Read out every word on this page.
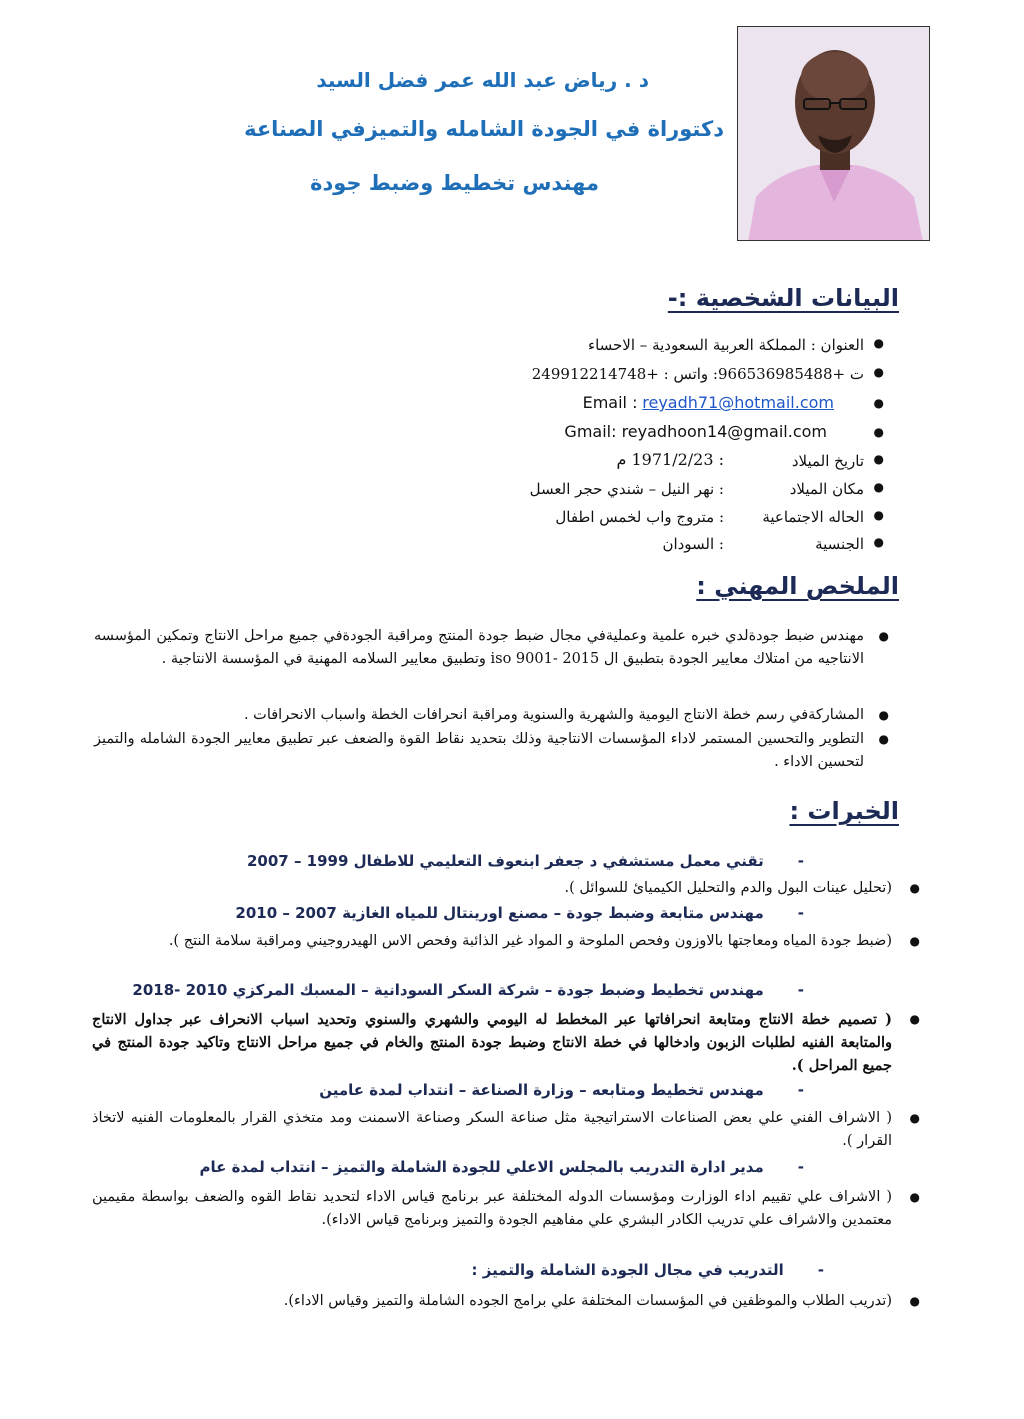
د . رياض عبد الله عمر فضل السيد
دكتوراة في الجودة الشامله والتميزفي الصناعة
مهندس تخطيط وضبط جودة
البيانات الشخصية :-
●
العنوان : المملكة العربية السعودية – الاحساء
●
ت +966536985488: واتس : +249912214748
Email : reyadh71@hotmail.com	●
Gmail: reyadhoon14@gmail.com	●
●
تاريخ الميلاد
: 1971/2/23 م
●
مكان الميلاد
: نهر النيل – شندي حجر العسل
●
الحاله الاجتماعية
: متروج واب لخمس اطفال
●
الجنسية
: السودان
الملخص المهني :
●
مهندس ضبط جودةلدي خبره علمية وعمليةفي مجال ضبط جودة المنتج ومراقبة الجودةفي جميع مراحل الانتاج وتمكين المؤسسه الانتاجيه من امتلاك معايير الجودة بتطبيق ال iso 9001- 2015 وتطبيق معايير السلامه المهنية في المؤسسة الانتاجية .
●
المشاركةفي رسم خطة الانتاج اليومية والشهرية والسنوية ومراقبة انحرافات الخطة واسباب الانحرافات .
●
التطوير والتحسين المستمر لاداء المؤسسات الانتاجية وذلك بتحديد نقاط القوة والضعف عبر تطبيق معايير الجودة الشامله والتميز لتحسين الاداء .
الخبرات :
-تقني معمل مستشفي د جعفر ابنعوف التعليمي للاطفال 1999 – 2007
●
(تحليل عينات البول والدم والتحليل الكيميائ للسوائل ).
-مهندس متابعة وضبط جودة – مصنع اورينتال للمياه الغازية 2007 – 2010
●
(ضبط جودة المياه ومعاجتها بالاوزون وفحص الملوحة و المواد غير الذائبة وفحص الاس الهيدروجيني ومراقبة سلامة النتج ).
-مهندس تخطيط وضبط جودة – شركة السكر السودانية – المسبك المركزي 2010 -2018
●
( تصميم خطة الانتاج ومتابعة انحرافاتها عبر المخطط له اليومي والشهري والسنوي وتحديد اسباب الانحراف عبر جداول الانتاج والمتابعة الفنيه لطلبات الزبون وادخالها في خطة الانتاج وضبط جودة المنتج والخام في جميع مراحل الانتاج وتاكيد جودة المنتج في جميع المراحل ).
-مهندس تخطيط ومتابعه – وزارة الصناعة – انتداب لمدة عامين
●
( الاشراف الفني علي بعض الصناعات الاستراتيجية مثل صناعة السكر وصناعة الاسمنت ومد متخذي القرار بالمعلومات الفنيه لاتخاذ القرار ).
-مدير ادارة التدريب بالمجلس الاعلي للجودة الشاملة والتميز – انتداب لمدة عام
●
( الاشراف علي تقييم اداء الوزارت ومؤسسات الدوله المختلفة عبر برنامج قياس الاداء لتحديد نقاط القوه والضعف بواسطة مقيمين معتمدين والاشراف علي تدريب الكادر البشري علي مفاهيم الجودة والتميز وبرنامج قياس الاداء).
-التدريب في مجال الجودة الشاملة والتميز :
●
(تدريب الطلاب والموظفين في المؤسسات المختلفة علي برامج الجوده الشاملة والتميز وقياس الاداء).
